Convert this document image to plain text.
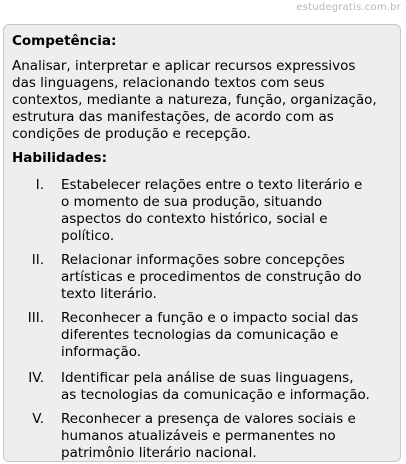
estudegratis.com.br
Competência:
Analisar, interpretar e aplicar recursos expressivos
das linguagens, relacionando textos com seus
contextos, mediante a natureza, função, organização,
estrutura das manifestações, de acordo com as
condições de produção e recepção.
Habilidades:
I. Estabelecer relações entre o texto literário e
o momento de sua produção, situando
aspectos do contexto histórico, social e
político.
II. Relacionar informações sobre concepções
artísticas e procedimentos de construção do
texto literário.
III. Reconhecer a função e o impacto social das
diferentes tecnologias da comunicação e
informação.
IV. Identificar pela análise de suas linguagens,
as tecnologias da comunicação e informação.
V. Reconhecer a presença de valores sociais e
humanos atualizáveis e permanentes no
patrimônio literário nacional.
